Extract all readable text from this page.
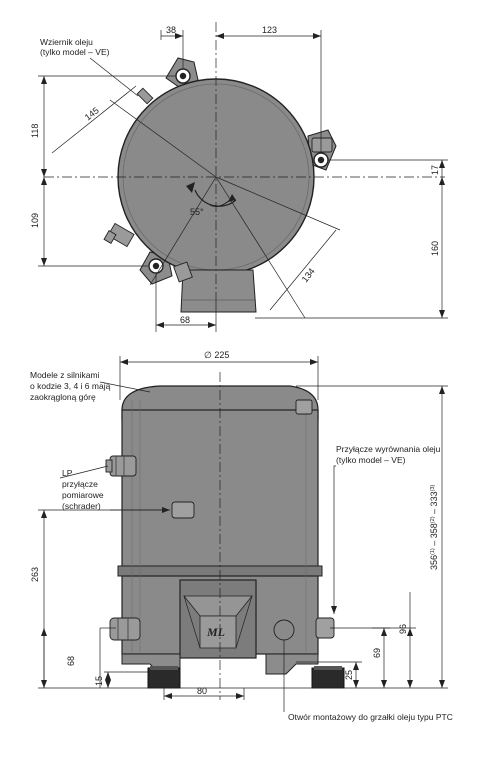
38	123
145
118
109
17
160
134
68
55°
Wziernik oleju
(tylko model – VE)
∅ 225
ML
263
68
15
80
96
69
25
356$^{(1)}$ – 358$^{(2)}$ – 333$^{(3)}$
Modele z silnikami
o kodzie 3, 4 i 6 mają
zaokrągloną górę
LP
przyłącze
pomiarowe
(schrader)
Przyłącze wyrównania oleju
(tylko model – VE)
Otwór montażowy do grzałki oleju typu PTC
